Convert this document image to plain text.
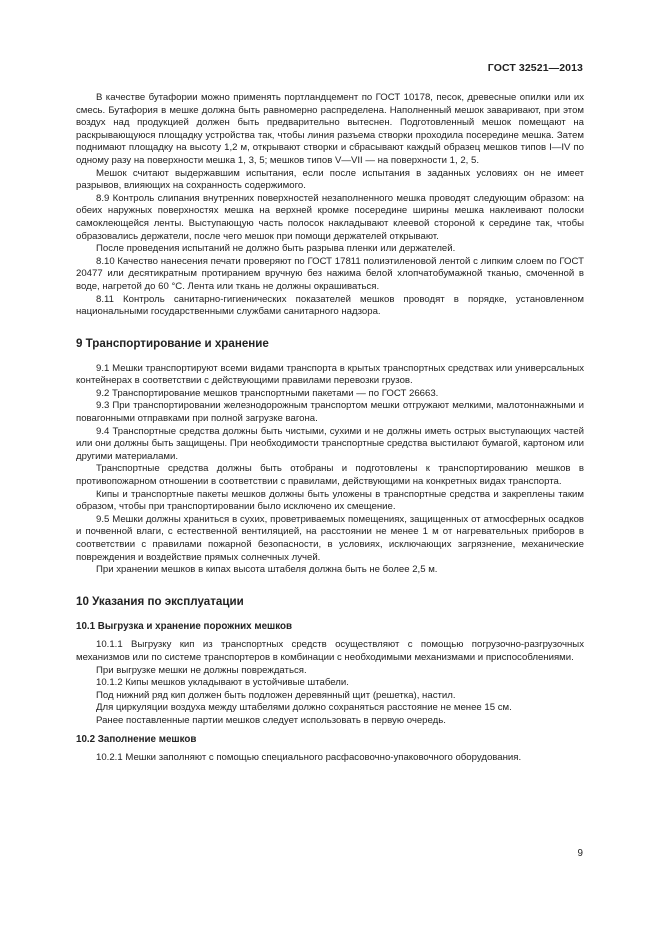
ГОСТ 32521—2013

В качестве бутафории можно применять портландцемент по ГОСТ 10178, песок, древесные опилки или их смесь. Бутафория в мешке должна быть равномерно распределена. Наполненный мешок заваривают, при этом воздух над продукцией должен быть предварительно вытеснен. Подготовленный мешок помещают на раскрывающуюся площадку устройства так, чтобы линия разъема створки проходила посередине мешка. Затем поднимают площадку на высоту 1,2 м, открывают створки и сбрасывают каждый образец мешков типов I—IV по одному разу на поверхности мешка 1, 3, 5; мешков типов V—VII — на поверхности 1, 2, 5.

Мешок считают выдержавшим испытания, если после испытания в заданных условиях он не имеет разрывов, влияющих на сохранность содержимого.

8.9 Контроль слипания внутренних поверхностей незаполненного мешка проводят следующим образом: на обеих наружных поверхностях мешка на верхней кромке посередине ширины мешка наклеивают полоски самоклеющейся ленты. Выступающую часть полосок накладывают клеевой стороной к середине так, чтобы образовались держатели, после чего мешок при помощи держателей открывают.

После проведения испытаний не должно быть разрыва пленки или держателей.

8.10 Качество нанесения печати проверяют по ГОСТ 17811 полиэтиленовой лентой с липким слоем по ГОСТ 20477 или десятикратным протиранием вручную без нажима белой хлопчатобумажной тканью, смоченной в воде, нагретой до 60 °С. Лента или ткань не должны окрашиваться.

8.11 Контроль санитарно-гигиенических показателей мешков проводят в порядке, установленном национальными государственными службами санитарного надзора.

9 Транспортирование и хранение

9.1 Мешки транспортируют всеми видами транспорта в крытых транспортных средствах или универсальных контейнерах в соответствии с действующими правилами перевозки грузов.

9.2 Транспортирование мешков транспортными пакетами — по ГОСТ 26663.

9.3 При транспортировании железнодорожным транспортом мешки отгружают мелкими, малотоннажными и повагонными отправками при полной загрузке вагона.

9.4 Транспортные средства должны быть чистыми, сухими и не должны иметь острых выступающих частей или они должны быть защищены. При необходимости транспортные средства выстилают бумагой, картоном или другими материалами.

Транспортные средства должны быть отобраны и подготовлены к транспортированию мешков в противопожарном отношении в соответствии с правилами, действующими на конкретных видах транспорта.

Кипы и транспортные пакеты мешков должны быть уложены в транспортные средства и закреплены таким образом, чтобы при транспортировании было исключено их смещение.

9.5 Мешки должны храниться в сухих, проветриваемых помещениях, защищенных от атмосферных осадков и почвенной влаги, с естественной вентиляцией, на расстоянии не менее 1 м от нагревательных приборов в соответствии с правилами пожарной безопасности, в условиях, исключающих загрязнение, механические повреждения и воздействие прямых солнечных лучей.

При хранении мешков в кипах высота штабеля должна быть не более 2,5 м.

10 Указания по эксплуатации
10.1 Выгрузка и хранение порожних мешков

10.1.1 Выгрузку кип из транспортных средств осуществляют с помощью погрузочно-разгрузочных механизмов или по системе транспортеров в комбинации с необходимыми механизмами и приспособлениями.

При выгрузке мешки не должны повреждаться.

10.1.2 Кипы мешков укладывают в устойчивые штабели.

Под нижний ряд кип должен быть подложен деревянный щит (решетка), настил.

Для циркуляции воздуха между штабелями должно сохраняться расстояние не менее 15 см.

Ранее поставленные партии мешков следует использовать в первую очередь.

10.2 Заполнение мешков

10.2.1 Мешки заполняют с помощью специального расфасовочно-упаковочного оборудования.

9
